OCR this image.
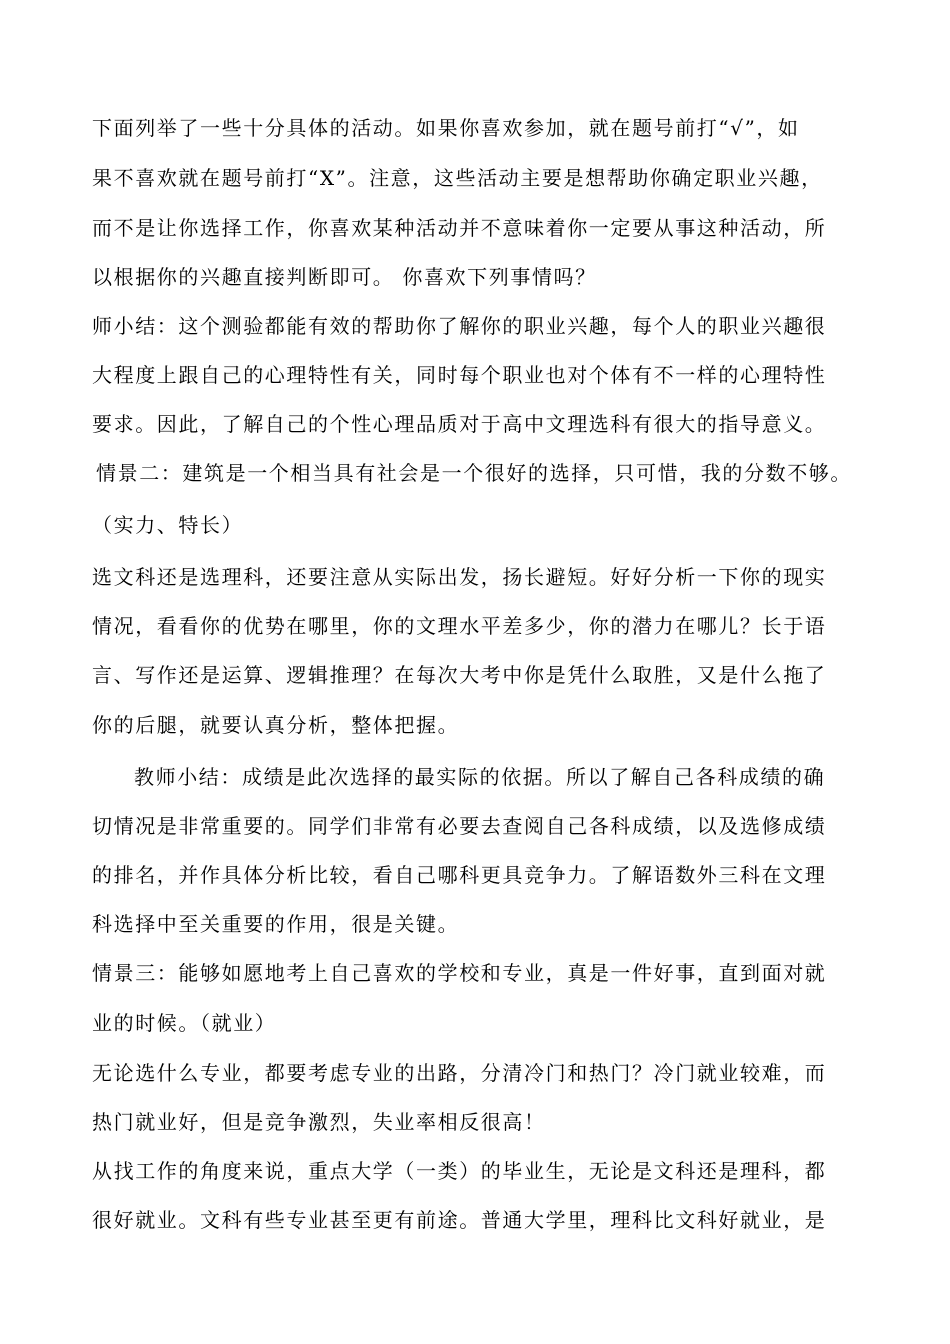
下面列举了一些十分具体的活动。如果你喜欢参加，就在题号前打“√”，如
果不喜欢就在题号前打“X”。注意，这些活动主要是想帮助你确定职业兴趣，
而不是让你选择工作，你喜欢某种活动并不意味着你一定要从事这种活动，所
以根据你的兴趣直接判断即可。 你喜欢下列事情吗？
师小结：这个测验都能有效的帮助你了解你的职业兴趣，每个人的职业兴趣很
大程度上跟自己的心理特性有关，同时每个职业也对个体有不一样的心理特性
要求。因此，了解自己的个性心理品质对于高中文理选科有很大的指导意义。
情景二：建筑是一个相当具有社会是一个很好的选择，只可惜，我的分数不够。
（实力、特长）
选文科还是选理科，还要注意从实际出发，扬长避短。好好分析一下你的现实
情况，看看你的优势在哪里，你的文理水平差多少，你的潜力在哪儿？长于语
言、写作还是运算、逻辑推理？在每次大考中你是凭什么取胜，又是什么拖了
你的后腿，就要认真分析，整体把握。
教师小结：成绩是此次选择的最实际的依据。所以了解自己各科成绩的确
切情况是非常重要的。同学们非常有必要去查阅自己各科成绩，以及选修成绩
的排名，并作具体分析比较，看自己哪科更具竞争力。了解语数外三科在文理
科选择中至关重要的作用，很是关键。
情景三：能够如愿地考上自己喜欢的学校和专业，真是一件好事，直到面对就
业的时候。（就业）
无论选什么专业，都要考虑专业的出路，分清冷门和热门？冷门就业较难，而
热门就业好，但是竞争激烈，失业率相反很高！
从找工作的角度来说，重点大学（一类）的毕业生，无论是文科还是理科，都
很好就业。文科有些专业甚至更有前途。普通大学里，理科比文科好就业，是
